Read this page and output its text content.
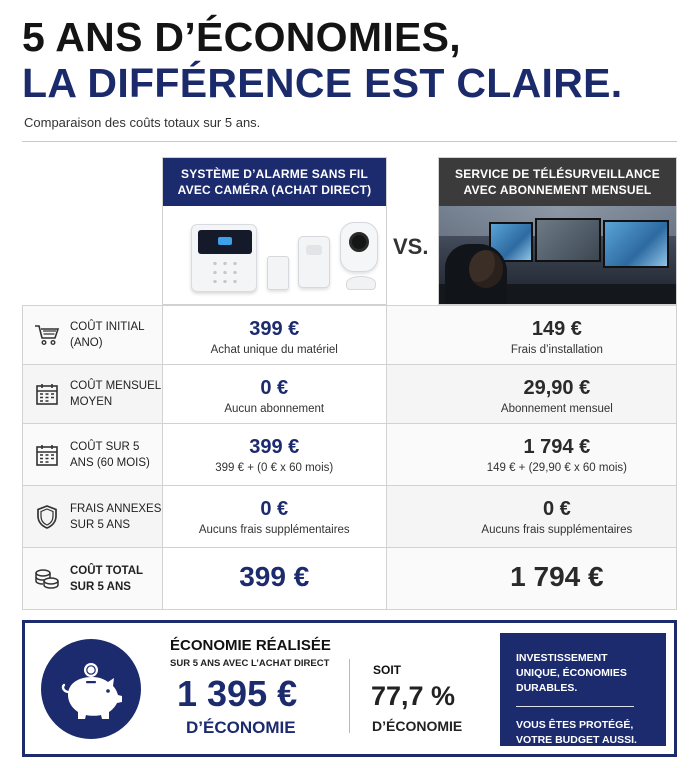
5 ANS D’ÉCONOMIES,
LA DIFFÉRENCE EST CLAIRE.
Comparaison des coûts totaux sur 5 ans.
SYSTÈME D’ALARME SANS FIL AVEC CAMÉRA (ACHAT DIRECT)
VS.
SERVICE DE TÉLÉSURVEILLANCE AVEC ABONNEMENT MENSUEL
COÛT INITIAL (ANO)
399 €
Achat unique du matériel
149 €
Frais d’installation
COÛT MENSUEL MOYEN
0 €
Aucun abonnement
29,90 €
Abonnement mensuel
COÛT SUR 5 ANS (60 MOIS)
399 €
399 € + (0 € x 60 mois)
1 794 €
149 € + (29,90 € x 60 mois)
FRAIS ANNEXES SUR 5 ANS
0 €
Aucuns frais supplémentaires
0 €
Aucuns frais supplémentaires
COÛT TOTAL SUR 5 ANS	399 €	1 794 €
ÉCONOMIE RÉALISÉE
SUR 5 ANS AVEC L’ACHAT DIRECT
1 395 €
D’ÉCONOMIE
SOIT
77,7 %
D’ÉCONOMIE
INVESTISSEMENT UNIQUE, ÉCONOMIES DURABLES.
VOUS ÊTES PROTÉGÉ, VOTRE BUDGET AUSSI.
